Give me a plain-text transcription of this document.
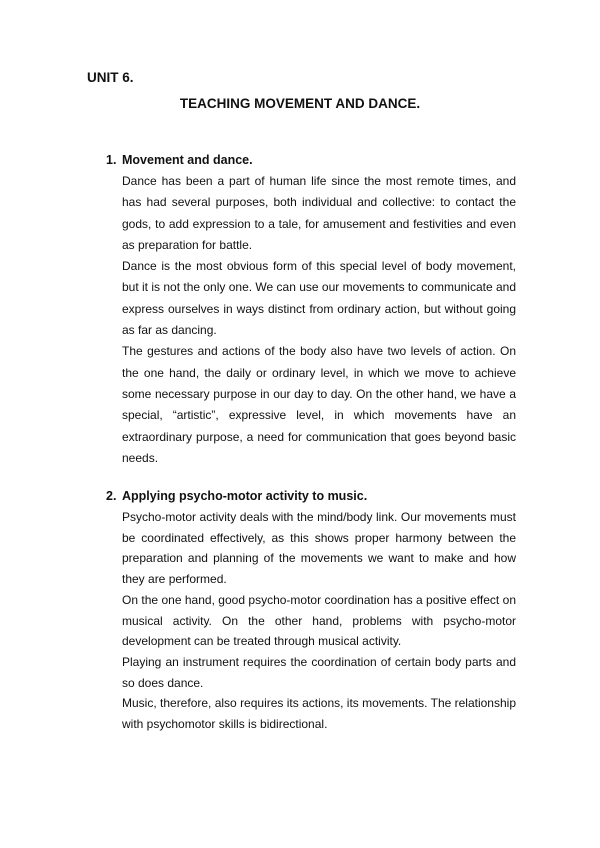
UNIT 6.
TEACHING MOVEMENT AND DANCE.
1. Movement and dance.

Dance has been a part of human life since the most remote times, and has had several purposes, both individual and collective: to contact the gods, to add expression to a tale, for amusement and festivities and even as preparation for battle.

Dance is the most obvious form of this special level of body movement, but it is not the only one. We can use our movements to communicate and express ourselves in ways distinct from ordinary action, but without going as far as dancing.

The gestures and actions of the body also have two levels of action. On the one hand, the daily or ordinary level, in which we move to achieve some necessary purpose in our day to day. On the other hand, we have a special, “artistic”, expressive level, in which movements have an extraordinary purpose, a need for communication that goes beyond basic needs.

2. Applying psycho-motor activity to music.

Psycho-motor activity deals with the mind/body link. Our movements must be coordinated effectively, as this shows proper harmony between the preparation and planning of the movements we want to make and how they are performed.

On the one hand, good psycho-motor coordination has a positive effect on musical activity. On the other hand, problems with psycho-motor development can be treated through musical activity.

Playing an instrument requires the coordination of certain body parts and so does dance.

Music, therefore, also requires its actions, its movements. The relationship with psychomotor skills is bidirectional.
